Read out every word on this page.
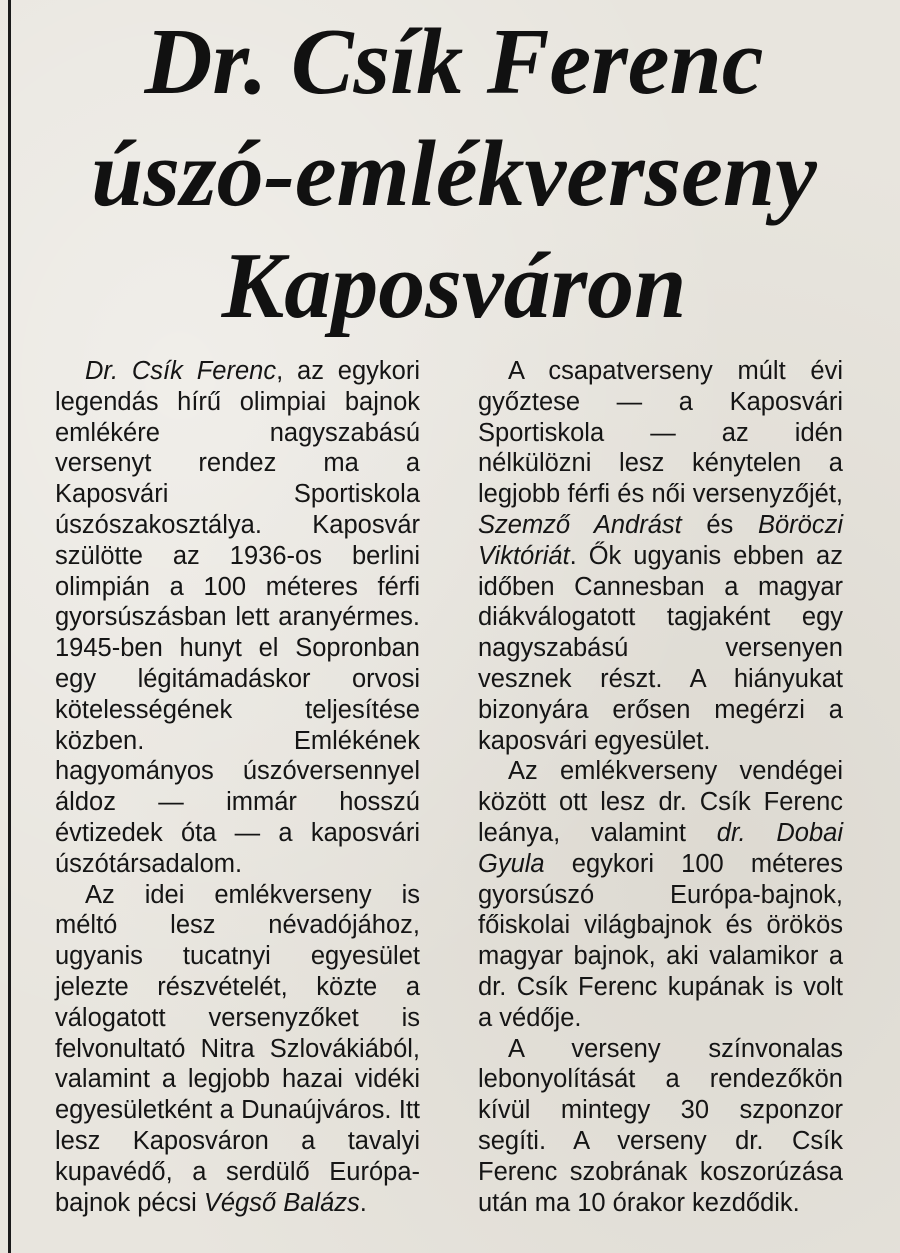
Dr. Csík Ferenc
úszó-emlékverseny
Kaposváron

Dr. Csík Ferenc, az egykori legendás hírű olimpiai bajnok emlékére nagyszabású versenyt rendez ma a Kaposvári Sportiskola úszószakosztálya. Kaposvár szülötte az 1936-os berlini olimpián a 100 méteres férfi gyorsúszásban lett aranyérmes. 1945-ben hunyt el Sopronban egy légitámadáskor orvosi kötelességének teljesítése közben. Emlékének hagyományos úszóversennyel áldoz — immár hosszú évtizedek óta — a kaposvári úszótársadalom.

Az idei emlékverseny is méltó lesz névadójához, ugyanis tucatnyi egyesület jelezte részvételét, közte a válogatott versenyzőket is felvonultató Nitra Szlovákiából, valamint a legjobb hazai vidéki egyesületként a Dunaújváros. Itt lesz Kaposváron a tavalyi kupavédő, a serdülő Európa-bajnok pécsi Végső Balázs.

A csapatverseny múlt évi győztese — a Kaposvári Sportiskola — az idén nélkülözni lesz kénytelen a legjobb férfi és női versenyzőjét, Szemző Andrást és Böröczi Viktóriát. Ők ugyanis ebben az időben Cannesban a magyar diákválogatott tagjaként egy nagyszabású versenyen vesznek részt. A hiányukat bizonyára erősen megérzi a kaposvári egyesület.

Az emlékverseny vendégei között ott lesz dr. Csík Ferenc leánya, valamint dr. Dobai Gyula egykori 100 méteres gyorsúszó Európa-bajnok, főiskolai világbajnok és örökös magyar bajnok, aki valamikor a dr. Csík Ferenc kupának is volt a védője.

A verseny színvonalas lebonyolítását a rendezőkön kívül mintegy 30 szponzor segíti. A verseny dr. Csík Ferenc szobrának koszorúzása után ma 10 órakor kezdődik.
